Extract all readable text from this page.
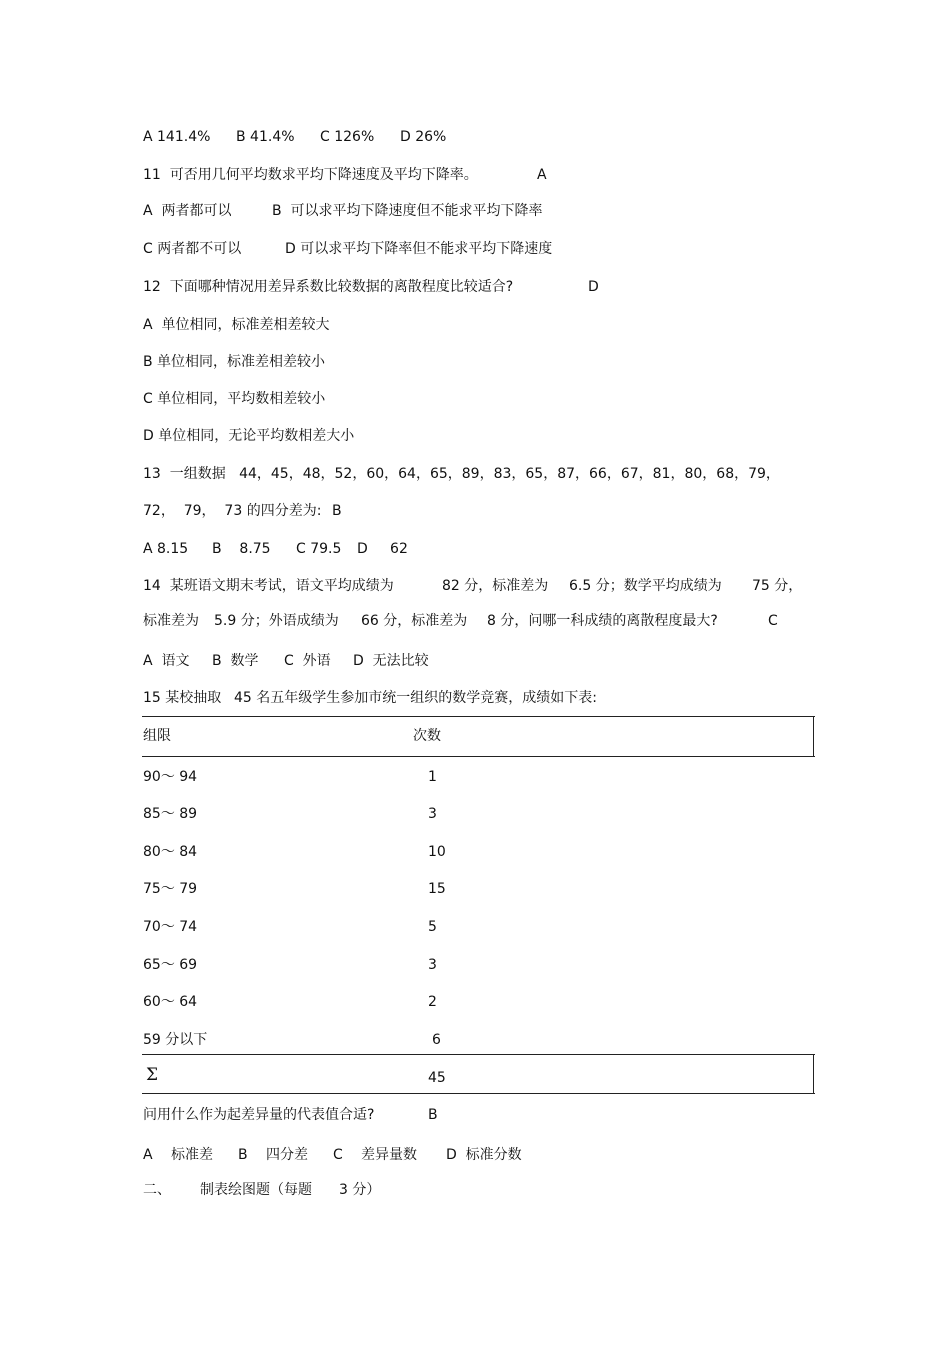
A 141.4% B 41.4% C 126% D 26%
11  可否用几何平均数求平均下降速度及平均下降率。	A
A  两者都可以	B  可以求平均下降速度但不能求平均下降率
C 两者都不可以	D 可以求平均下降率但不能求平均下降速度
12  下面哪种情况用差异系数比较数据的离散程度比较适合?	D
A  单位相同，标准差相差较大
B 单位相同，标准差相差较小
C 单位相同，平均数相差较小
D 单位相同，无论平均数相差大小
13  一组数据   44，45，48，52，60，64，65，89，83，65，87，66，67，81，80，68，79，
72，  79，  73 的四分差为: B
A 8.15 B    8.75 C 79.5 D     62
14  某班语文期末考试，语文平均成绩为	82 分，标准差为 6.5 分；数学平均成绩为 75 分，
标准差为 5.9 分；外语成绩为 66 分，标准差为 8 分，问哪一科成绩的离散程度最大?	C
A  语文 B  数学 C  外语 D  无法比较
15 某校抽取 45 名五年级学生参加市统一组织的数学竞赛，成绩如下表:
组限	次数
90～ 94	1
85～ 89	3
80～ 84	10
75～ 79	15
70～ 74	5
65～ 69	3
60～ 64	2
59 分以下	6
Σ	45
问用什么作为起差异量的代表值合适?	B
A 标准差 B 四分差 C 差异量数 D  标准分数
二、 制表绘图题（每题 3 分）
